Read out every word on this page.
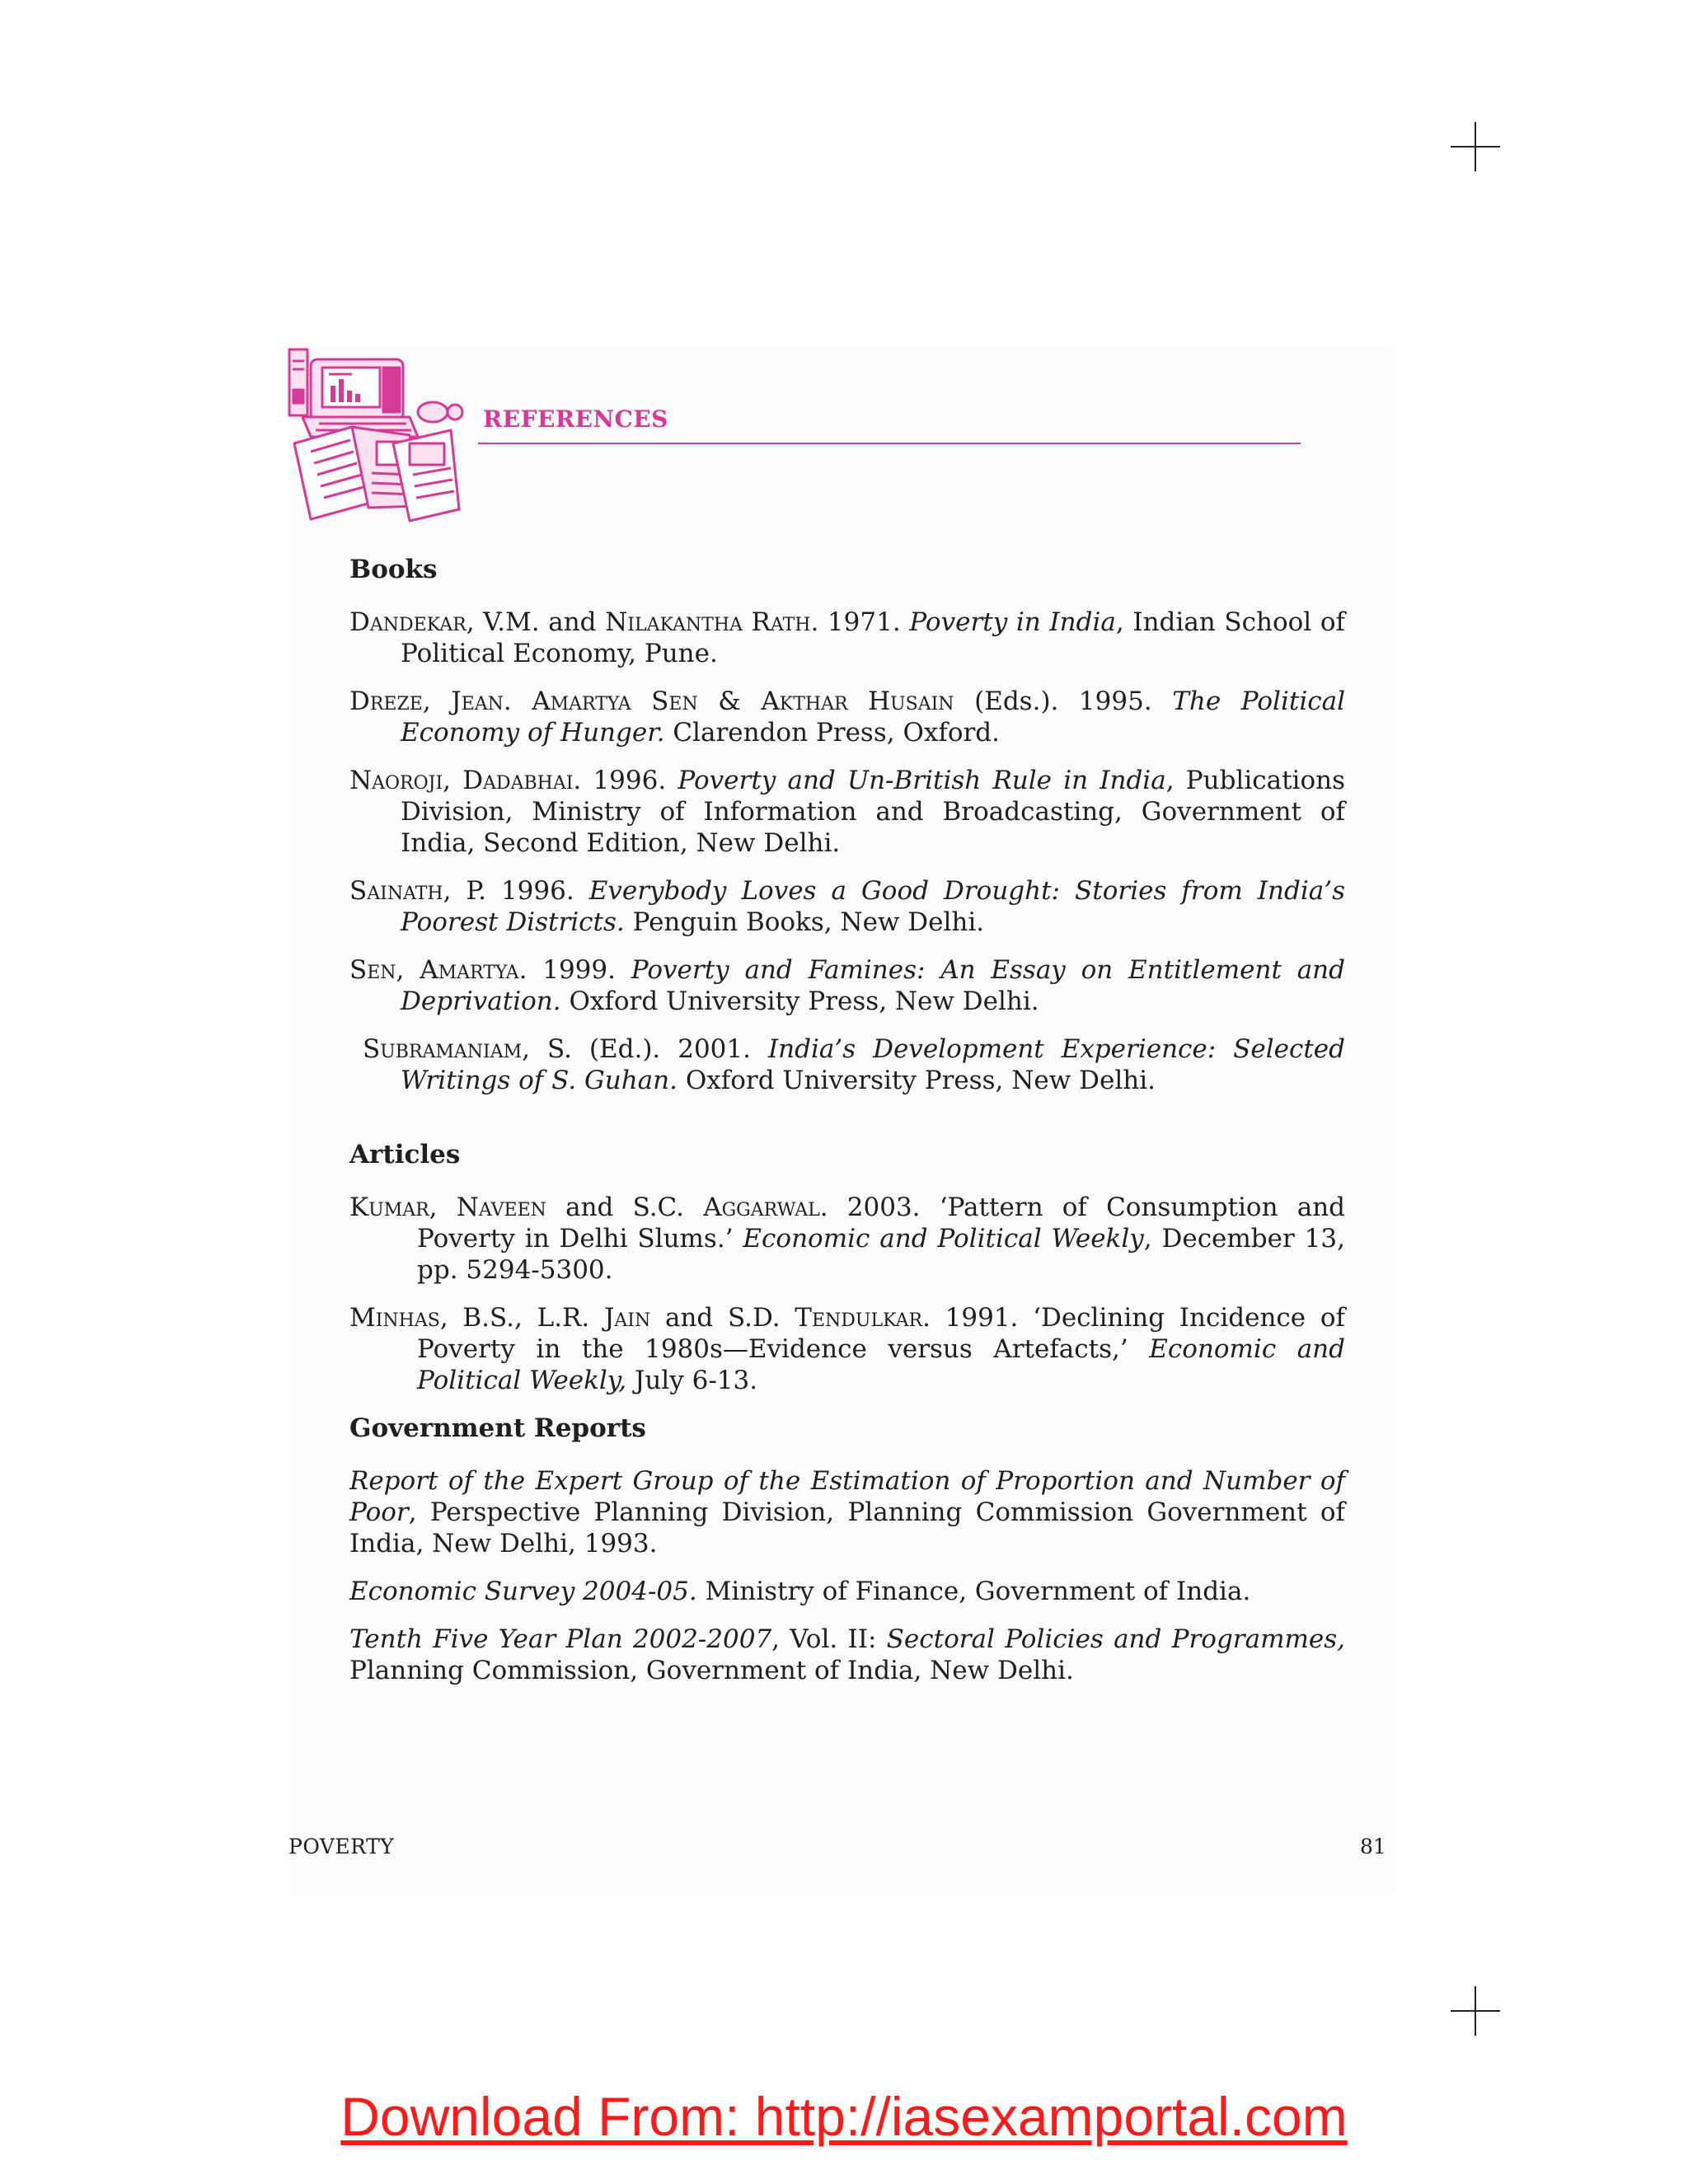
REFERENCES
Books

Dandekar, V.M. and Nilakantha Rath. 1971. Poverty in India, Indian School of Political Economy, Pune.

Dreze, Jean. Amartya Sen & Akthar Husain (Eds.). 1995. The Political Economy of Hunger. Clarendon Press, Oxford.

Naoroji, Dadabhai. 1996. Poverty and Un-British Rule in India, Publications Division, Ministry of Information and Broadcasting, Government of India, Second Edition, New Delhi.

Sainath, P. 1996. Everybody Loves a Good Drought: Stories from India’s Poorest Districts. Penguin Books, New Delhi.

Sen, Amartya. 1999. Poverty and Famines: An Essay on Entitlement and Deprivation. Oxford University Press, New Delhi.

Subramaniam, S. (Ed.). 2001. India’s Development Experience: Selected Writings of S. Guhan. Oxford University Press, New Delhi.

Articles

Kumar, Naveen and S.C. Aggarwal. 2003. ‘Pattern of Consumption and Poverty in Delhi Slums.’ Economic and Political Weekly, December 13, pp. 5294-5300.

Minhas, B.S., L.R. Jain and S.D. Tendulkar. 1991. ‘Declining Incidence of Poverty in the 1980s—Evidence versus Artefacts,’ Economic and Political Weekly, July 6-13.

Government Reports

Report of the Expert Group of the Estimation of Proportion and Number of Poor, Perspective Planning Division, Planning Commission Government of India, New Delhi, 1993.

Economic Survey 2004-05. Ministry of Finance, Government of India.

Tenth Five Year Plan 2002-2007, Vol. II: Sectoral Policies and Programmes, Planning Commission, Government of India, New Delhi.

POVERTY	81
Download From: http://iasexamportal.com
